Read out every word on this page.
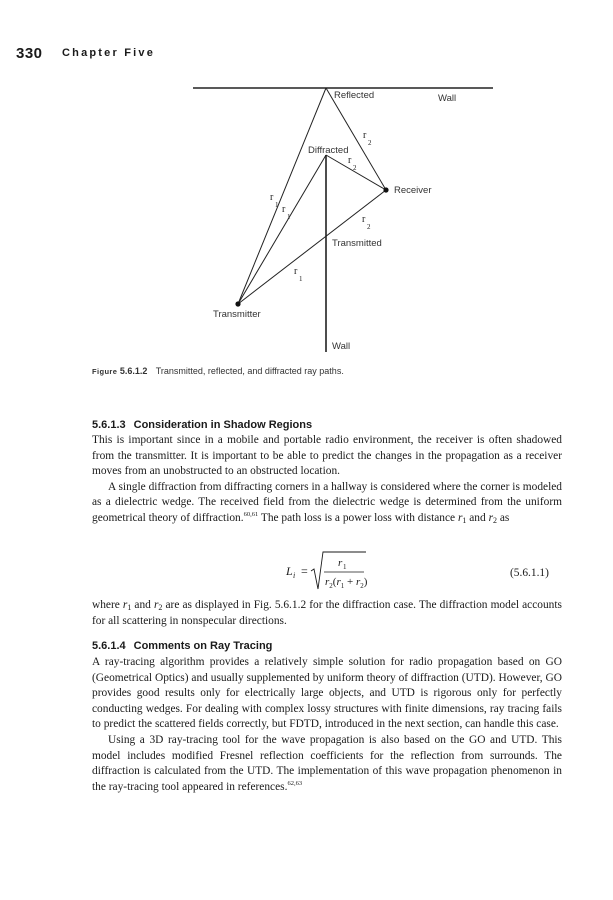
330 Chapter Five
Reflected	Wall
Diffracted
Receiver
Transmitted
Transmitter
Wall
r
2
r
2
r
1 r
1	r
2
r
1
Figure 5.6.1.2 Transmitted, reflected, and diffracted ray paths.
5.6.1.3 Consideration in Shadow Regions

This is important since in a mobile and portable radio environment, the receiver is often shadowed from the transmitter. It is important to be able to predict the changes in the propagation as a receiver moves from an unobstructed to an obstructed location.

A single diffraction from diffracting corners in a hallway is considered where the corner is modeled as a dielectric wedge. The received field from the dielectric wedge is determined from the uniform geometrical theory of diffraction.$^{60,61}$ The path loss is a power loss with distance $r_1$ and $r_2$ as

L i =
r 1
$r_2(r_1 + r_2)$
(5.6.1.1)

where $r_1$ and $r_2$ are as displayed in Fig. 5.6.1.2 for the diffraction case. The diffraction model accounts for all scattering in nonspecular directions.

5.6.1.4 Comments on Ray Tracing

A ray-tracing algorithm provides a relatively simple solution for radio propagation based on GO (Geometrical Optics) and usually supplemented by uniform theory of diffraction (UTD). However, GO provides good results only for electrically large objects, and UTD is rigorous only for perfectly conducting wedges. For dealing with complex lossy structures with finite dimensions, ray tracing fails to predict the scattered fields correctly, but FDTD, introduced in the next section, can handle this case.

Using a 3D ray-tracing tool for the wave propagation is also based on the GO and UTD. This model includes modified Fresnel reflection coefficients for the reflection from surrounds. The diffraction is calculated from the UTD. The implementation of this wave propagation phenomenon in the ray-tracing tool appeared in references.$^{62,63}$
